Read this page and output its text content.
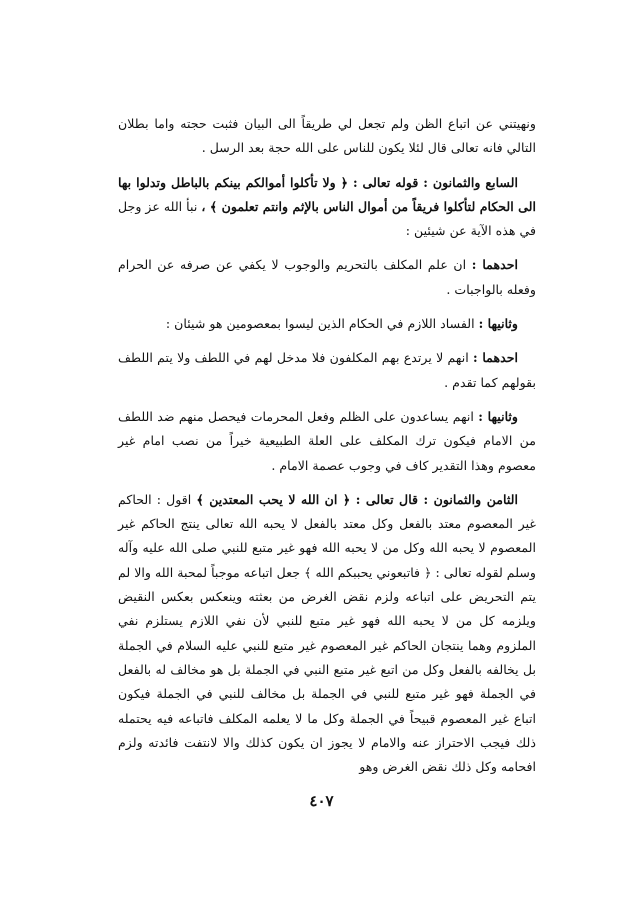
ونهيتني عن اتباع الظن ولم تجعل لي طريقاً الى البيان فثبت حجته واما بطلان التالي فانه تعالى قال لئلا يكون للناس على الله حجة بعد الرسل .

السابع والثمانون : قوله تعالى : ﴿ ولا تأكلوا أموالكم بينكم بالباطل وتدلوا بها الى الحكام لتأكلوا فريقاً من أموال الناس بالإثم وانتم تعلمون ﴾ ، نبأ الله عز وجل في هذه الآية عن شيئين :

احدهما : ان علم المكلف بالتحريم والوجوب لا يكفي عن صرفه عن الحرام وفعله بالواجبات .

وثانيها : الفساد اللازم في الحكام الذين ليسوا بمعصومين هو شيئان :

احدهما : انهم لا يرتدع بهم المكلفون فلا مدخل لهم في اللطف ولا يتم اللطف بقولهم كما تقدم .

وثانيها : انهم يساعدون على الظلم وفعل المحرمات فيحصل منهم ضد اللطف من الامام فيكون ترك المكلف على العلة الطبيعية خيراً من نصب امام غير معصوم وهذا التقدير كاف في وجوب عصمة الامام .

الثامن والثمانون : قال تعالى : ﴿ ان الله لا يحب المعتدين ﴾ اقول : الحاكم غير المعصوم معتد بالفعل وكل معتد بالفعل لا يحبه الله تعالى ينتج الحاكم غير المعصوم لا يحبه الله وكل من لا يحبه الله فهو غير متبع للنبي صلى الله عليه وآله وسلم لقوله تعالى : ﴿ فاتبعوني يحببكم الله ﴾ جعل اتباعه موجباً لمحبة الله والا لم يتم التحريض على اتباعه ولزم نقض الغرض من بعثته وينعكس بعكس النقيض ويلزمه كل من لا يحبه الله فهو غير متبع للنبي لأن نفي اللازم يستلزم نفي الملزوم وهما ينتجان الحاكم غير المعصوم غير متبع للنبي عليه السلام في الجملة بل يخالفه بالفعل وكل من اتبع غير متبع النبي في الجملة بل هو مخالف له بالفعل في الجملة فهو غير متبع للنبي في الجملة بل مخالف للنبي في الجملة فيكون اتباع غير المعصوم قبيحاً في الجملة وكل ما لا يعلمه المكلف فاتباعه فيه يحتمله ذلك فيجب الاحتراز عنه والامام لا يجوز ان يكون كذلك والا لانتفت فائدته ولزم افحامه وكل ذلك نقض الغرض وهو

٤٠٧
